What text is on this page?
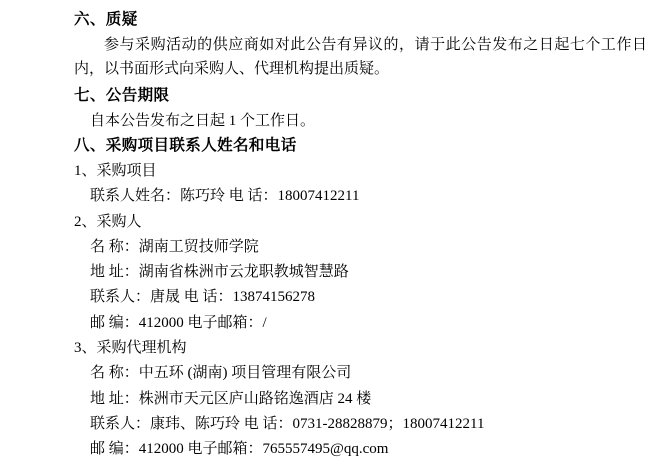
六、质疑
参与采购活动的供应商如对此公告有异议的，请于此公告发布之日起七个工作日内，以书面形式向采购人、代理机构提出质疑。
七、公告期限
自本公告发布之日起 1 个工作日。
八、采购项目联系人姓名和电话
1、采购项目
联系人姓名：陈巧玲 电 话：18007412211
2、采购人
名 称：湖南工贸技师学院
地 址：湖南省株洲市云龙职教城智慧路
联系人：唐晟 电 话：13874156278
邮 编：412000 电子邮箱：/
3、采购代理机构
名 称：中五环 (湖南) 项目管理有限公司
地 址：株洲市天元区庐山路铭逸酒店 24 楼
联系人：康玮、陈巧玲 电 话：0731-28828879；18007412211
邮 编：412000 电子邮箱：765557495@qq.com
